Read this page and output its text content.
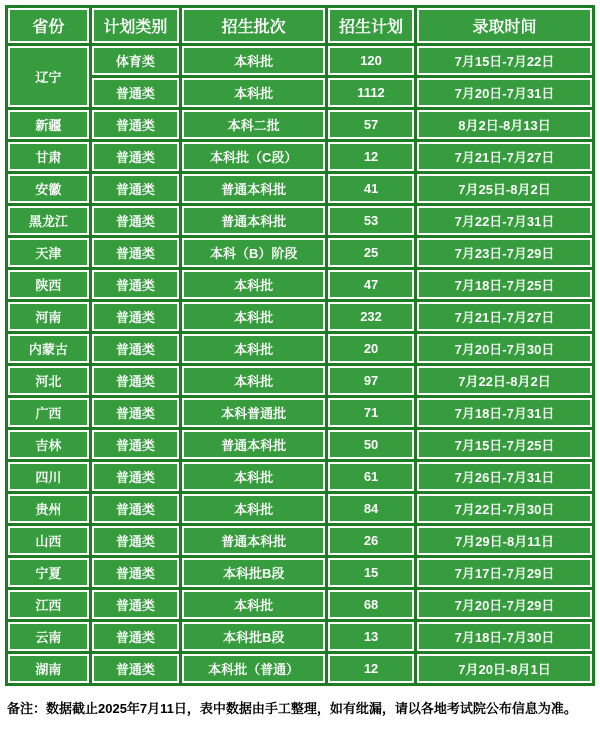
省份	计划类别	招生批次	招生计划	录取时间
辽宁	体育类	本科批	120	7月15日-7月22日
	普通类	本科批	1112	7月20日-7月31日
新疆	普通类	本科二批	57	8月2日-8月13日
甘肃	普通类	本科批（C段）	12	7月21日-7月27日
安徽	普通类	普通本科批	41	7月25日-8月2日
黑龙江	普通类	普通本科批	53	7月22日-7月31日
天津	普通类	本科（B）阶段	25	7月23日-7月29日
陕西	普通类	本科批	47	7月18日-7月25日
河南	普通类	本科批	232	7月21日-7月27日
内蒙古	普通类	本科批	20	7月20日-7月30日
河北	普通类	本科批	97	7月22日-8月2日
广西	普通类	本科普通批	71	7月18日-7月31日
吉林	普通类	普通本科批	50	7月15日-7月25日
四川	普通类	本科批	61	7月26日-7月31日
贵州	普通类	本科批	84	7月22日-7月30日
山西	普通类	普通本科批	26	7月29日-8月11日
宁夏	普通类	本科批B段	15	7月17日-7月29日
江西	普通类	本科批	68	7月20日-7月29日
云南	普通类	本科批B段	13	7月18日-7月30日
湖南	普通类	本科批（普通）	12	7月20日-8月1日

备注：数据截止2025年7月11日，表中数据由手工整理，如有纰漏，请以各地考试院公布信息为准。
